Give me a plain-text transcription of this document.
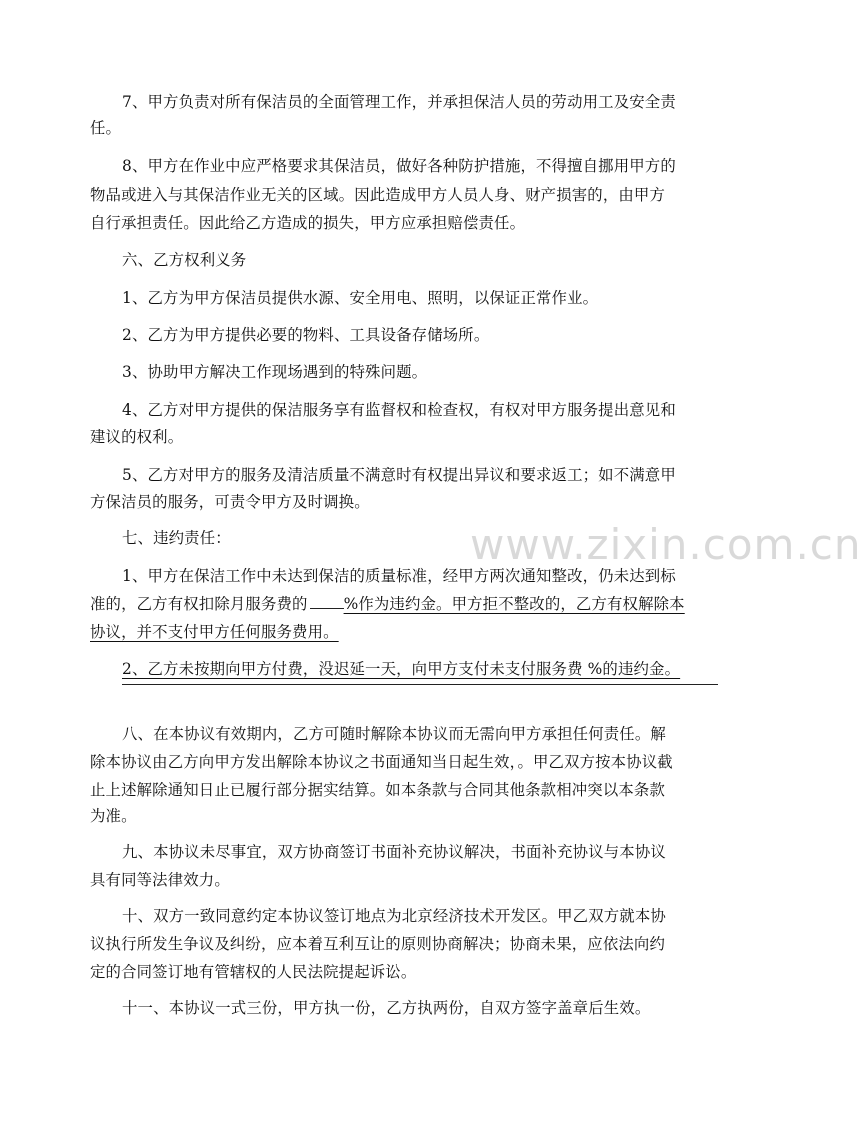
www.zixin.com.cn

7、甲方负责对所有保洁员的全面管理工作，并承担保洁人员的劳动用工及安全责

任。

8、甲方在作业中应严格要求其保洁员，做好各种防护措施，不得擅自挪用甲方的

物品或进入与其保洁作业无关的区域。因此造成甲方人员人身、财产损害的，由甲方

自行承担责任。因此给乙方造成的损失，甲方应承担赔偿责任。

六、乙方权利义务

1、乙方为甲方保洁员提供水源、安全用电、照明，以保证正常作业。

2、乙方为甲方提供必要的物料、工具设备存储场所。

3、协助甲方解决工作现场遇到的特殊问题。

4、乙方对甲方提供的保洁服务享有监督权和检查权，有权对甲方服务提出意见和

建议的权利。

5、乙方对甲方的服务及清洁质量不满意时有权提出异议和要求返工；如不满意甲

方保洁员的服务，可责令甲方及时调换。

七、违约责任：

1、甲方在保洁工作中未达到保洁的质量标准，经甲方两次通知整改，仍未达到标

准的，乙方有权扣除月服务费的 %作为违约金。甲方拒不整改的，乙方有权解除本

协议，并不支付甲方任何服务费用。

2、乙方未按期向甲方付费，没迟延一天，向甲方支付未支付服务费 %的违约金。

八、在本协议有效期内，乙方可随时解除本协议而无需向甲方承担任何责任。解

除本协议由乙方向甲方发出解除本协议之书面通知当日起生效，。甲乙双方按本协议截

止上述解除通知日止已履行部分据实结算。如本条款与合同其他条款相冲突以本条款

为准。

九、本协议未尽事宜，双方协商签订书面补充协议解决，书面补充协议与本协议

具有同等法律效力。

十、双方一致同意约定本协议签订地点为北京经济技术开发区。甲乙双方就本协

议执行所发生争议及纠纷，应本着互利互让的原则协商解决；协商未果，应依法向约

定的合同签订地有管辖权的人民法院提起诉讼。

十一、本协议一式三份，甲方执一份，乙方执两份，自双方签字盖章后生效。
